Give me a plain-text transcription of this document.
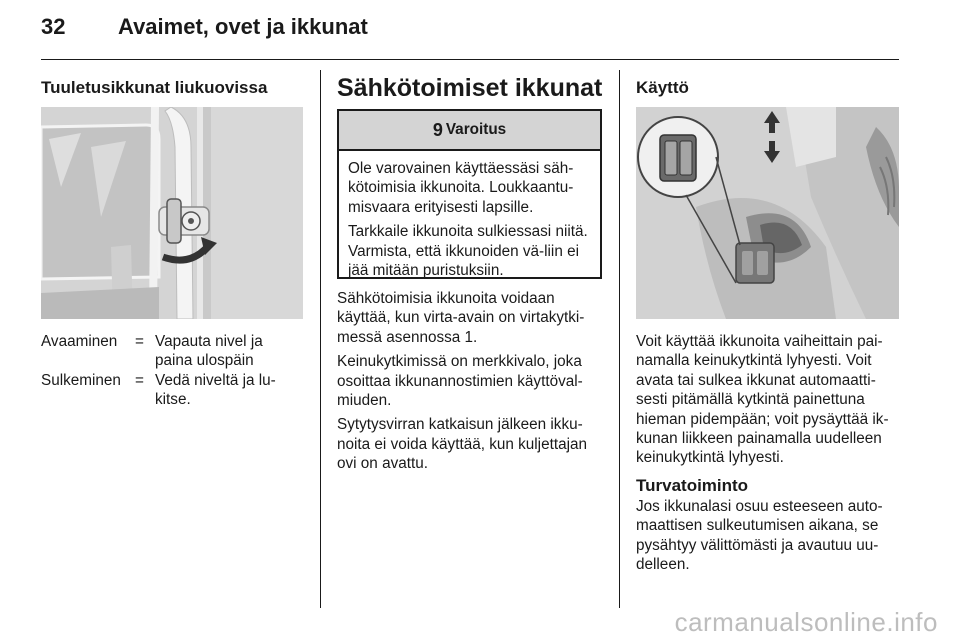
32 Avaimet, ovet ja ikkunat
Tuuletusikkunat liukuovissa
Avaaminen = Vapauta nivel ja paina ulospäin
Sulkeminen = Vedä niveltä ja lu-kitse.
Sähkötoimiset ikkunat
9 Varoitus

Ole varovainen käyttäessäsi säh-kötoimisia ikkunoita. Loukkaantu-misvaara erityisesti lapsille.

Tarkkaile ikkunoita sulkiessasi niitä. Varmista, että ikkunoiden vä-liin ei jää mitään puristuksiin.

Sähkötoimisia ikkunoita voidaan käyttää, kun virta-avain on virtakytki-messä asennossa 1.

Keinukytkimissä on merkkivalo, joka osoittaa ikkunannostimien käyttöval-miuden.

Sytytysvirran katkaisun jälkeen ikku-noita ei voida käyttää, kun kuljettajan ovi on avattu.

Käyttö

Voit käyttää ikkunoita vaiheittain pai-namalla keinukytkintä lyhyesti. Voit avata tai sulkea ikkunat automaatti-sesti pitämällä kytkintä painettuna hieman pidempään; voit pysäyttää ik-kunan liikkeen painamalla uudelleen keinukytkintä lyhyesti.

Turvatoiminto

Jos ikkunalasi osuu esteeseen auto-maattisen sulkeutumisen aikana, se pysähtyy välittömästi ja avautuu uu-delleen.

carmanualsonline.info
